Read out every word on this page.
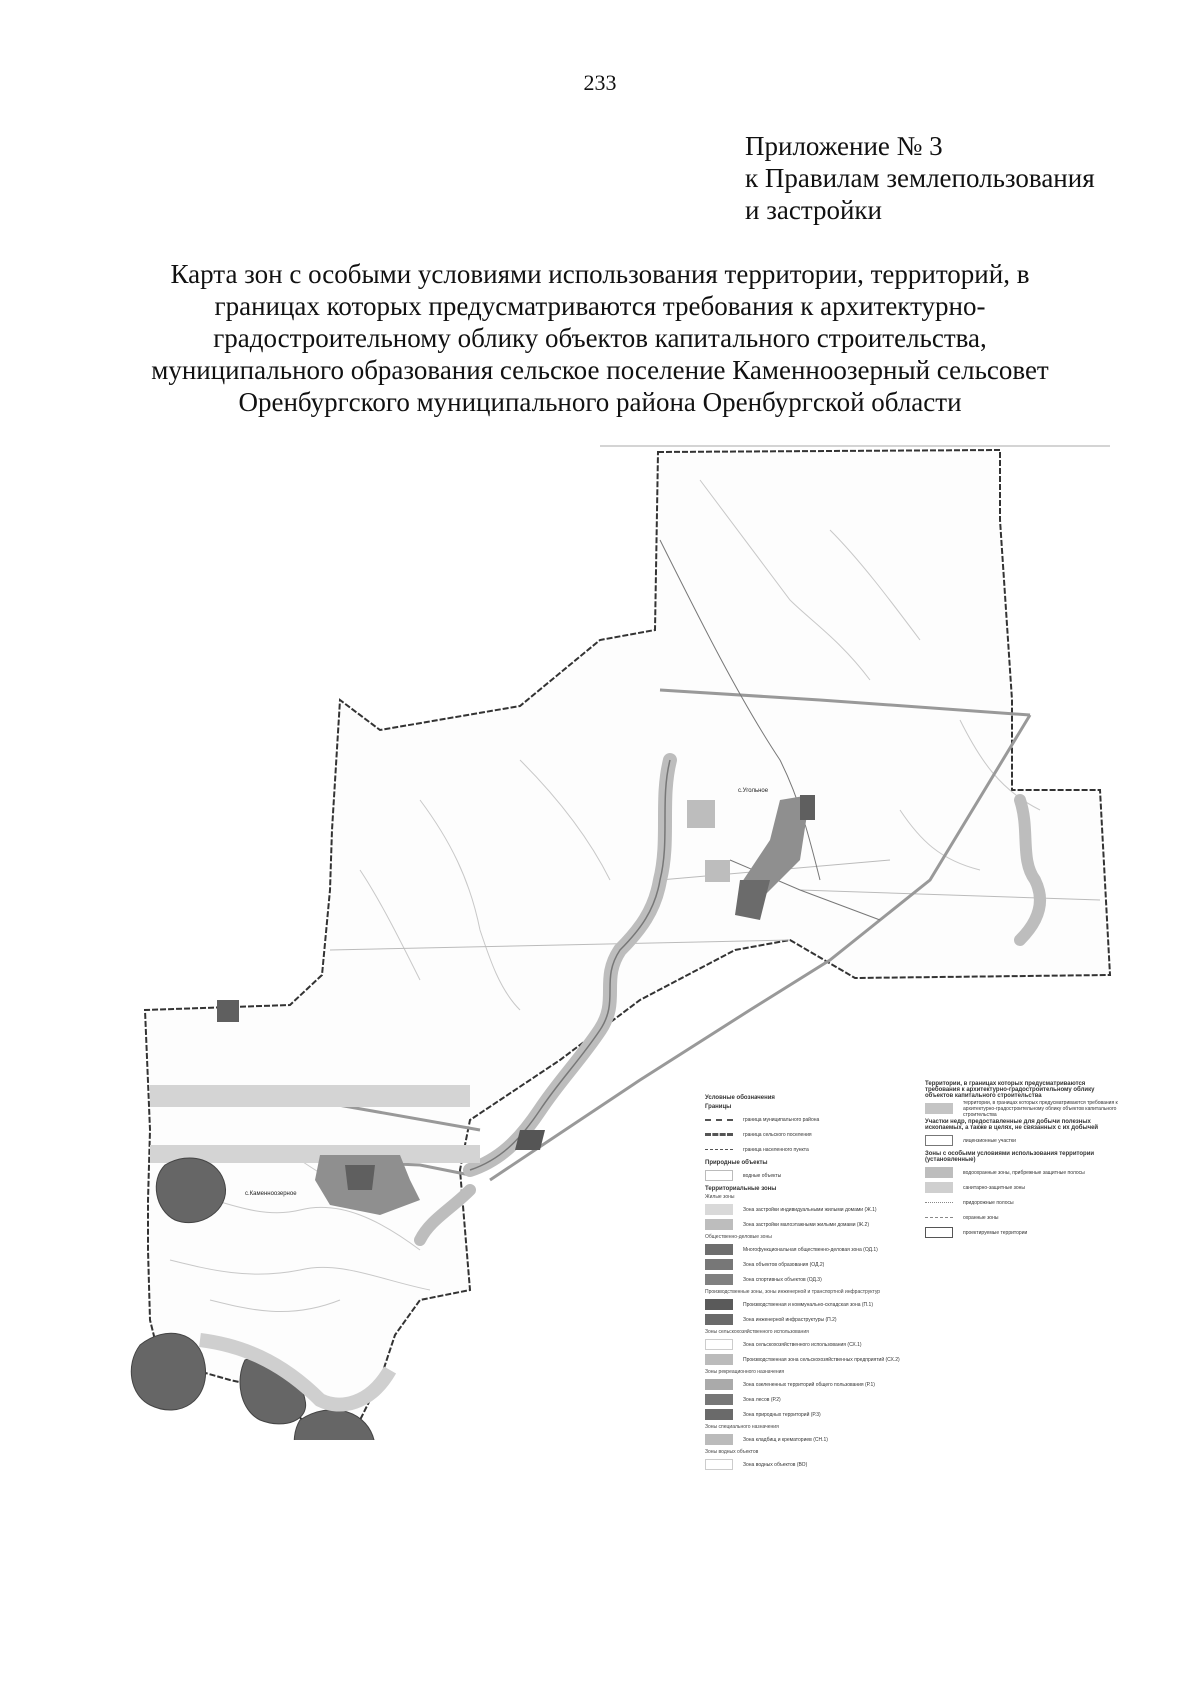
233
Приложение № 3
к Правилам землепользования
и застройки
Карта зон с особыми условиями использования территории, территорий, в
границах которых предусматриваются требования к архитектурно-
градостроительному облику объектов капитального строительства,
муниципального образования сельское поселение Каменноозерный сельсовет
Оренбургского муниципального района Оренбургской области
с.Угольное
с.Каменноозерное
Условные обозначения
Границы
граница муниципального района
граница сельского поселения
граница населенного пункта
Природные объекты
водные объекты
Территориальные зоны
Жилые зоны
Зона застройки индивидуальными жилыми домами (Ж.1)
Зона застройки малоэтажными жилыми домами (Ж.2)
Общественно-деловые зоны
Многофункциональная общественно-деловая зона (ОД.1)
Зона объектов образования (ОД.2)
Зона спортивных объектов (ОД.3)
Производственные зоны, зоны инженерной и транспортной инфраструктур
Производственная и коммунально-складская зона (П.1)
Зона инженерной инфраструктуры (П.2)
Зоны сельскохозяйственного использования
Зона сельскохозяйственного использования (СХ.1)
Производственная зона сельскохозяйственных предприятий (СХ.2)
Зоны рекреационного назначения
Зона озелененных территорий общего пользования (Р.1)
Зона лесов (Р.2)
Зона природных территорий (Р.3)
Зоны специального назначения
Зона кладбищ и крематориев (СН.1)
Зоны водных объектов
Зона водных объектов (ВО)
Территории, в границах которых предусматриваются требования к архитектурно-градостроительному облику объектов капитального строительства
территории, в границах которых предусматриваются требования к архитектурно-градостроительному облику объектов капитального строительства
Участки недр, предоставленные для добычи полезных ископаемых, а также в целях, не связанных с их добычей
лицензионные участки
Зоны с особыми условиями использования территории (установленные)
водоохранные зоны, прибрежные защитные полосы
санитарно-защитные зоны
придорожные полосы
охранные зоны
проектируемые территории
